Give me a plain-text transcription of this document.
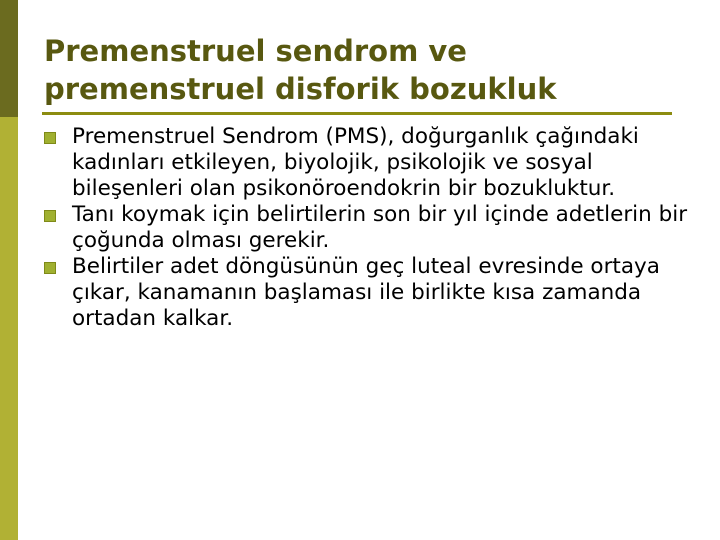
Premenstruel sendrom ve premenstruel disforik bozukluk
Premenstruel Sendrom (PMS), doğurganlık çağındaki kadınları etkileyen, biyolojik, psikolojik ve sosyal bileşenleri olan psikonöroendokrin bir bozukluktur.
Tanı koymak için belirtilerin son bir yıl içinde adetlerin bir çoğunda olması gerekir.
Belirtiler adet döngüsünün geç luteal evresinde ortaya çıkar, kanamanın başlaması ile birlikte kısa zamanda ortadan kalkar.
